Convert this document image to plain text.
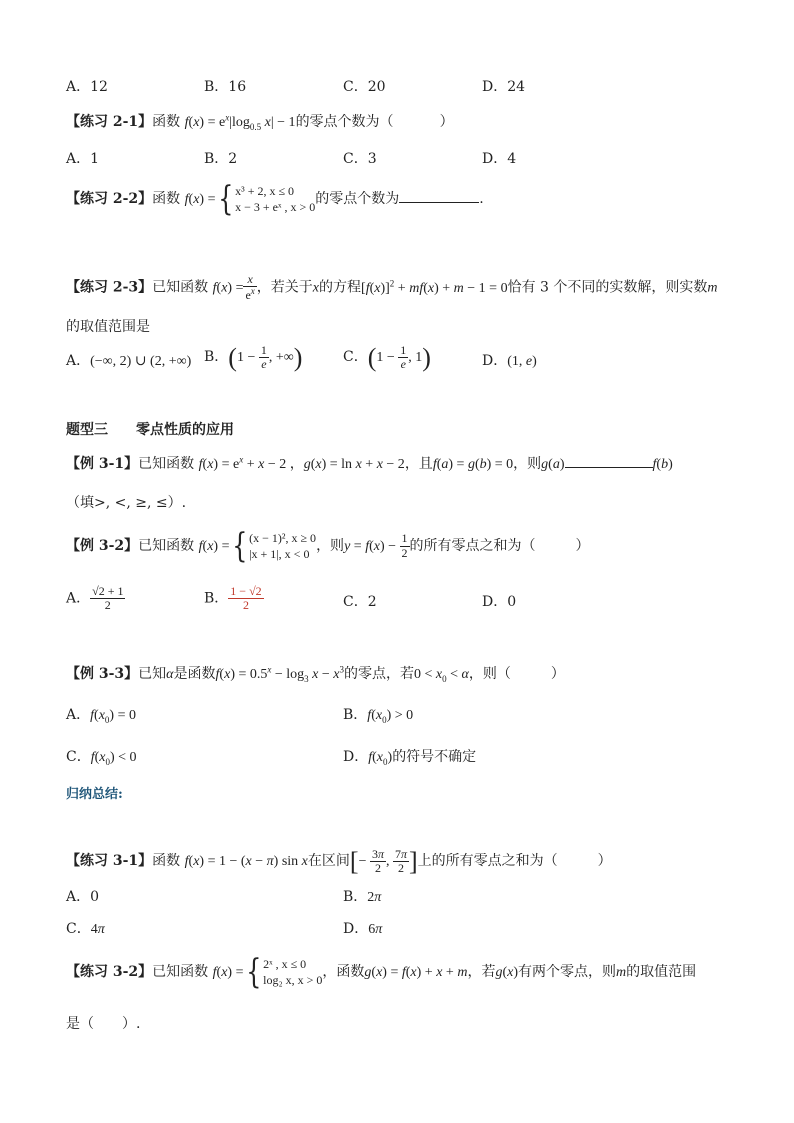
A．12	B．16	C．20	D．24
【练习 2-1】函数 $f(x) = e^x|\log_{0.5}$ x| − 1的零点个数为（	）
A．1	B．2	C．3	D．4
【练习 2-2】函数 f(x) ={x³ + 2, x ≤ 0
x − 3 + eˣ , x > 0的零点个数为	.
【练习 2-3】已知函数 $f(x) = \frac{x}{e^x}$ ，若关于x的方程$[f(x)]^2 + mf(x) + m - 1 = 0$恰有 3 个不同的实数解，则实数m
的取值范围是
A．(−∞, 2) ∪ (2, +∞) B．($1 - \frac{1}{e}$ , +∞)	C．($1 - \frac{1}{e}$ , 1)	D．(1, e)
题型三　　零点性质的应用
【例 3-1】已知函数 $f(x) = e^x + x - 2$ ，g(x) = ln x + x − 2，且f(a) = g(b) = 0，则g(a)	f(b)
（填>, <, ≥, ≤）.
【例 3-2】已知函数 f(x) ={(x − 1)², x ≥ 0
|x + 1|, x < 0 ，则$y = f(x) - \frac{1}{2}$ 的所有零点之和为（	）
A． $\frac{√2 + 1}{2}$	B． $\frac{1 - √2}{2}$	C．2	D．0
【例 3-3】已知α是函数$f(x) = 0.5^x - \log_3 x - x^3$的零点，若$0 < x_0 < \alpha$，则（	）
A．$f(x_0) = 0$	B．$f(x_0) > 0$
C．$f(x_0) < 0$	D．$f(x_0)$的符号不确定
归纳总结:
【练习 3-1】函数 f(x) = 1 − (x − π) sin x在区间[− $\frac{3\pi}{2}$ , $\frac{7\pi}{2}$ ]上的所有零点之和为（	）
A．0	B．2π
C．4π	D．6π
【练习 3-2】已知函数 f(x) ={2ˣ , x ≤ 0
log₂ x, x > 0，函数g(x) = f(x) + x + m，若g(x)有两个零点，则m的取值范围
是（　　）.
